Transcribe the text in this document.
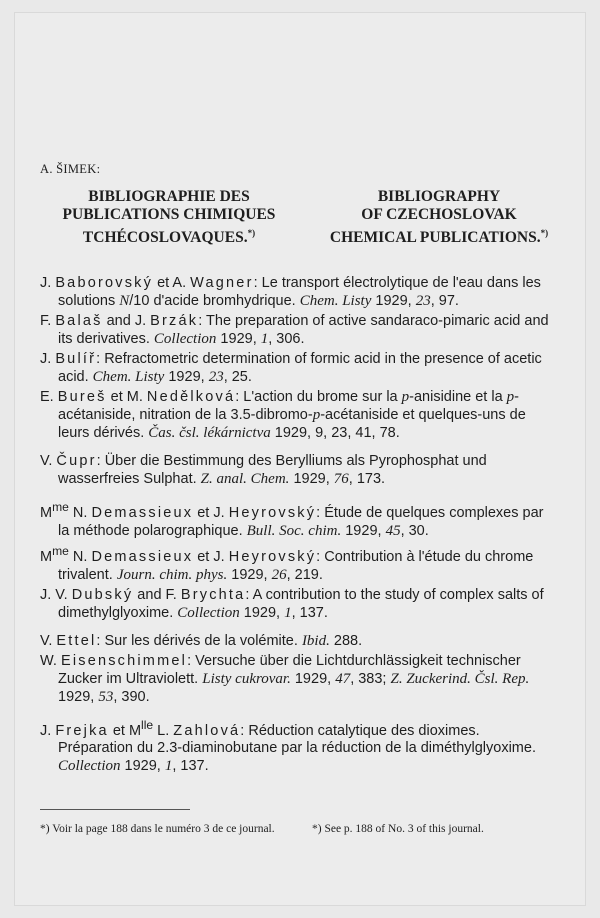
A. ŠIMEK:
BIBLIOGRAPHIE DES
PUBLICATIONS CHIMIQUES
TCHÉCOSLOVAQUES.*)
BIBLIOGRAPHY
OF CZECHOSLOVAK
CHEMICAL PUBLICATIONS.*)
J. Baborovský et A. Wagner: Le transport électrolytique de l'eau dans les solutions N/10 d'acide bromhydrique. Chem. Listy 1929, 23, 97.
F. Balaš and J. Brzák: The preparation of active sandaraco-pimaric acid and its derivatives. Collection 1929, 1, 306.
J. Bulíř: Refractometric determination of formic acid in the presence of acetic acid. Chem. Listy 1929, 23, 25.
E. Bureš et M. Nedělková: L'action du brome sur la p-anisidine et la p-acétaniside, nitration de la 3.5-dibromo-p-acétaniside et quelques-uns de leurs dérivés. Čas. čsl. lékárnictva 1929, 9, 23, 41, 78.
V. Čupr: Über die Bestimmung des Berylliums als Pyrophosphat und wasserfreies Sulphat. Z. anal. Chem. 1929, 76, 173.
$M^{me}$ N. Demassieux et J. Heyrovský: Étude de quelques complexes par la méthode polarographique. Bull. Soc. chim. 1929, 45, 30.
$M^{me}$ N. Demassieux et J. Heyrovský: Contribution à l'étude du chrome trivalent. Journ. chim. phys. 1929, 26, 219.
J. V. Dubský and F. Brychta: A contribution to the study of complex salts of dimethylglyoxime. Collection 1929, 1, 137.
V. Ettel: Sur les dérivés de la volémite. Ibid. 288.
W. Eisenschimmel: Versuche über die Lichtdurchlässigkeit technischer Zucker im Ultraviolett. Listy cukrovar. 1929, 47, 383; Z. Zuckerind. Čsl. Rep. 1929, 53, 390.
J. Frejka et $M^{lle}$ L. Zahlová: Réduction catalytique des dioximes. Préparation du 2.3-diaminobutane par la réduction de la diméthylglyoxime. Collection 1929, 1, 137.
*) Voir la page 188 dans le numéro 3 de ce journal.	*) See p. 188 of No. 3 of this journal.
